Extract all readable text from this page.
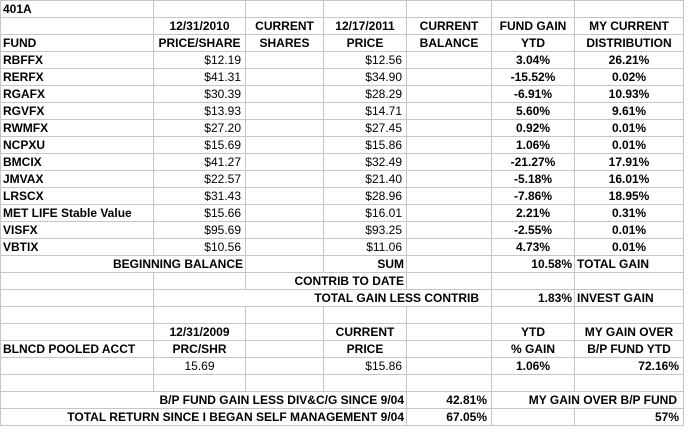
401A						
	12/31/2010	CURRENT	12/17/2011	CURRENT	FUND GAIN	MY CURRENT
FUND	PRICE/SHARE	SHARES	PRICE	BALANCE	YTD	DISTRIBUTION
RBFFX	$12.19		$12.56		3.04%	26.21%
RERFX	$41.31		$34.90		-15.52%	0.02%
RGAFX	$30.39		$28.29		-6.91%	10.93%
RGVFX	$13.93		$14.71		5.60%	9.61%
RWMFX	$27.20		$27.45		0.92%	0.01%
NCPXU	$15.69		$15.86		1.06%	0.01%
BMCIX	$41.27		$32.49		-21.27%	17.91%
JMVAX	$22.57		$21.40		-5.18%	16.01%
LRSCX	$31.43		$28.96		-7.86%	18.95%
MET LIFE Stable Value	$15.66		$16.01		2.21%	0.31%
VISFX	$95.69		$93.25		-2.55%	0.01%
VBTIX	$10.56		$11.06		4.73%	0.01%
BEGINNING BALANCE			SUM		10.58%	TOTAL GAIN
		CONTRIB TO DATE				
	TOTAL GAIN LESS CONTRIB				1.83%	INVEST GAIN

	12/31/2009		CURRENT		YTD	MY GAIN OVER
BLNCD POOLED ACCT	PRC/SHR		PRICE		% GAIN	B/P FUND YTD
	15.69		$15.86		1.06%	72.16%

B/P FUND GAIN LESS DIV&C/G SINCE 9/04				42.81%	MY GAIN OVER B/P FUND	
TOTAL RETURN SINCE I BEGAN SELF MANAGEMENT 9/04				67.05%		57%
